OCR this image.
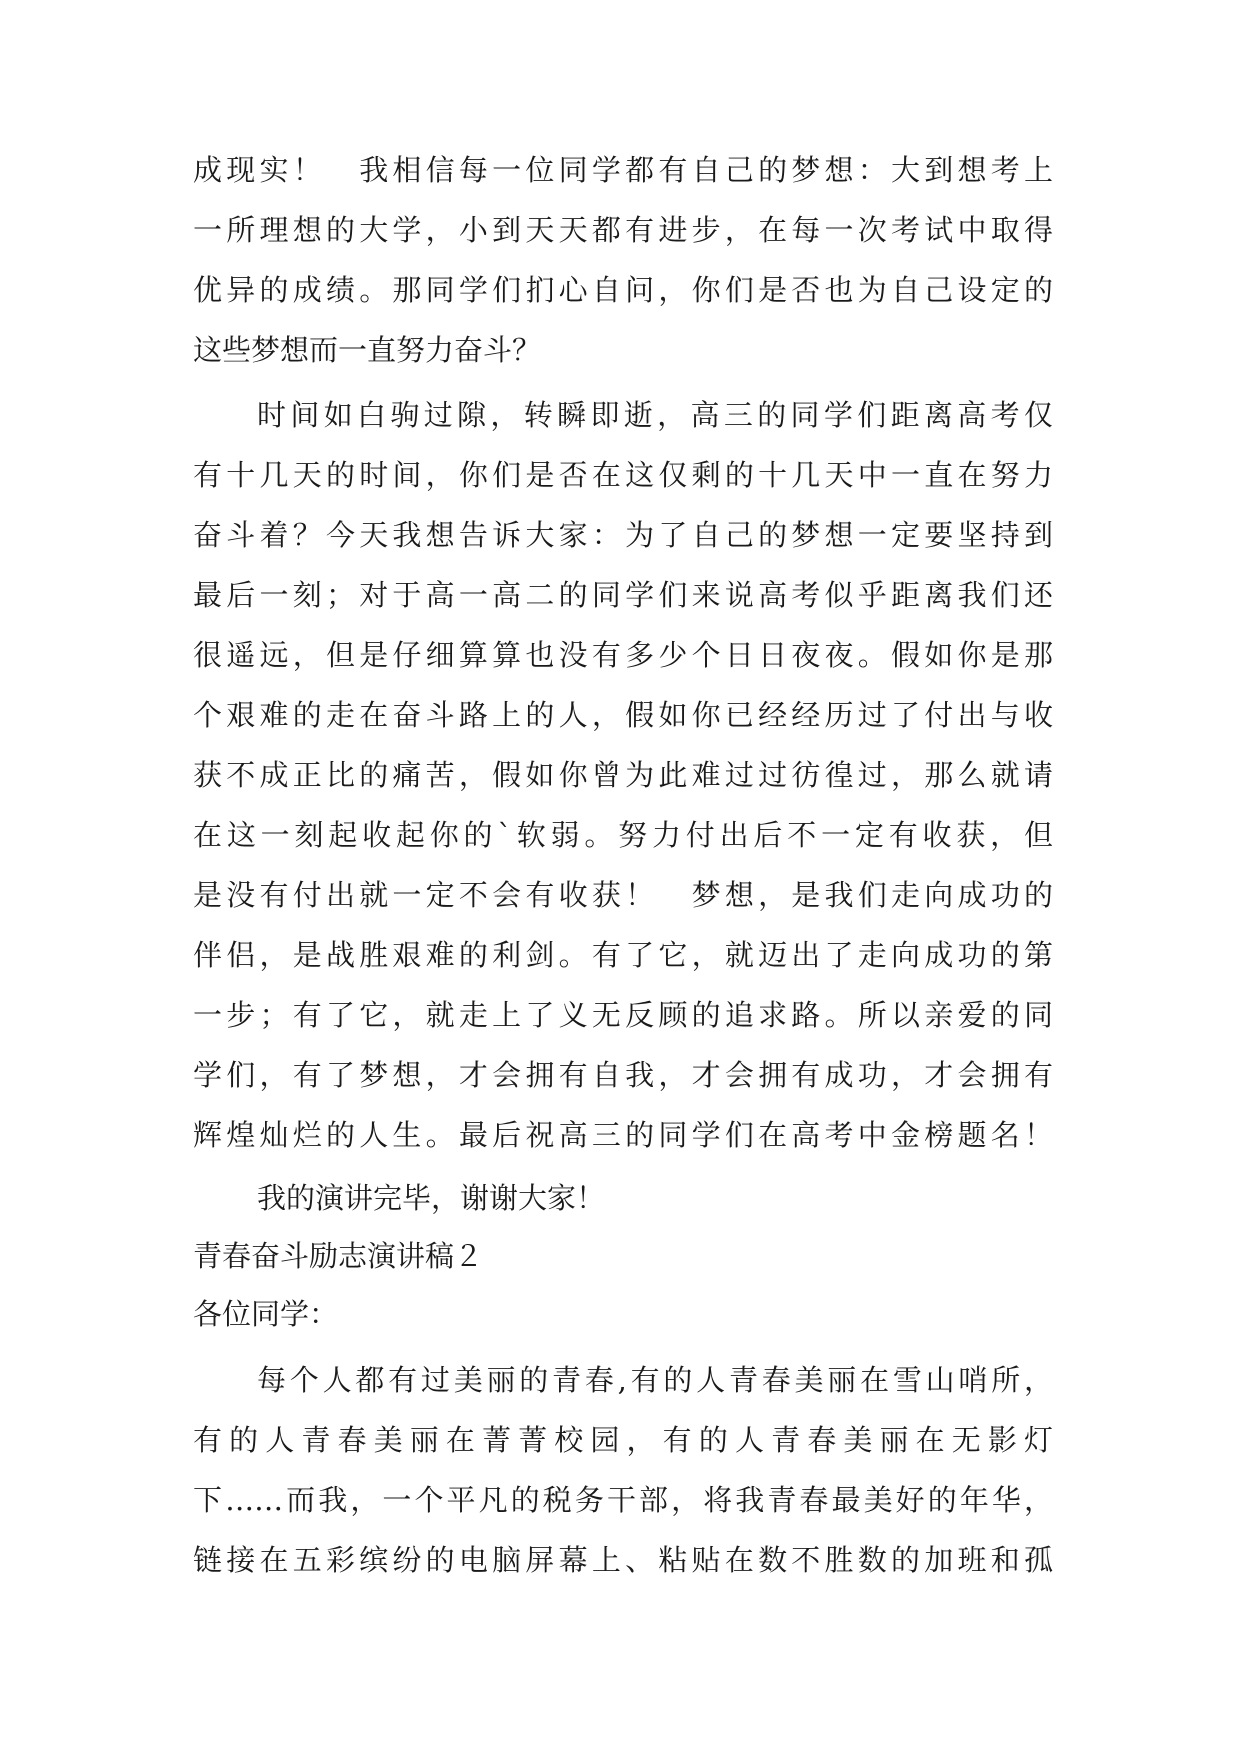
成现实！　我相信每一位同学都有自己的梦想：大到想考上
一所理想的大学，小到天天都有进步，在每一次考试中取得
优异的成绩。那同学们扪心自问，你们是否也为自己设定的
这些梦想而一直努力奋斗？
时间如白驹过隙，转瞬即逝，高三的同学们距离高考仅
有十几天的时间，你们是否在这仅剩的十几天中一直在努力
奋斗着？今天我想告诉大家：为了自己的梦想一定要坚持到
最后一刻；对于高一高二的同学们来说高考似乎距离我们还
很遥远，但是仔细算算也没有多少个日日夜夜。假如你是那
个艰难的走在奋斗路上的人，假如你已经经历过了付出与收
获不成正比的痛苦，假如你曾为此难过过彷徨过，那么就请
在这一刻起收起你的`软弱。努力付出后不一定有收获，但
是没有付出就一定不会有收获！　梦想，是我们走向成功的
伴侣，是战胜艰难的利剑。有了它，就迈出了走向成功的第
一步；有了它，就走上了义无反顾的追求路。所以亲爱的同
学们，有了梦想，才会拥有自我，才会拥有成功，才会拥有
辉煌灿烂的人生。最后祝高三的同学们在高考中金榜题名！
我的演讲完毕，谢谢大家！
青春奋斗励志演讲稿２
各位同学：
每个人都有过美丽的青春,有的人青春美丽在雪山哨所，
有的人青春美丽在菁菁校园，有的人青春美丽在无影灯
下……而我，一个平凡的税务干部，将我青春最美好的年华，
链接在五彩缤纷的电脑屏幕上、粘贴在数不胜数的加班和孤
